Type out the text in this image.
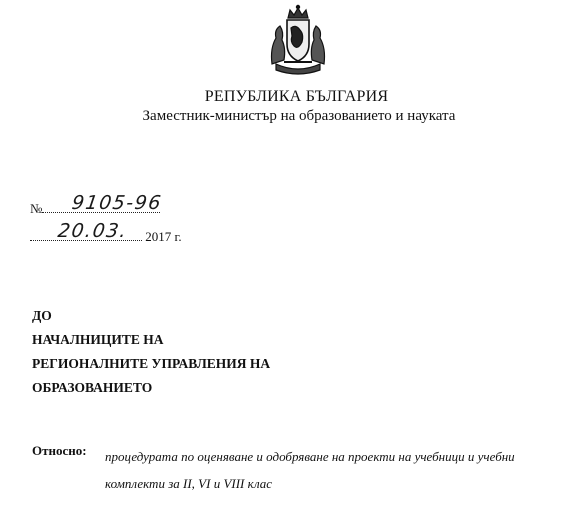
РЕПУБЛИКА БЪЛГАРИЯ
Заместник-министър на образованието и науката
№ 9105-96
20.03. 2017 г.
ДО
НАЧАЛНИЦИТЕ НА
РЕГИОНАЛНИТЕ УПРАВЛЕНИЯ НА
ОБРАЗОВАНИЕТО
Относно: процедурата по оценяване и одобряване на проекти на учебници и учебни
комплекти за II, VI и VIII клас
